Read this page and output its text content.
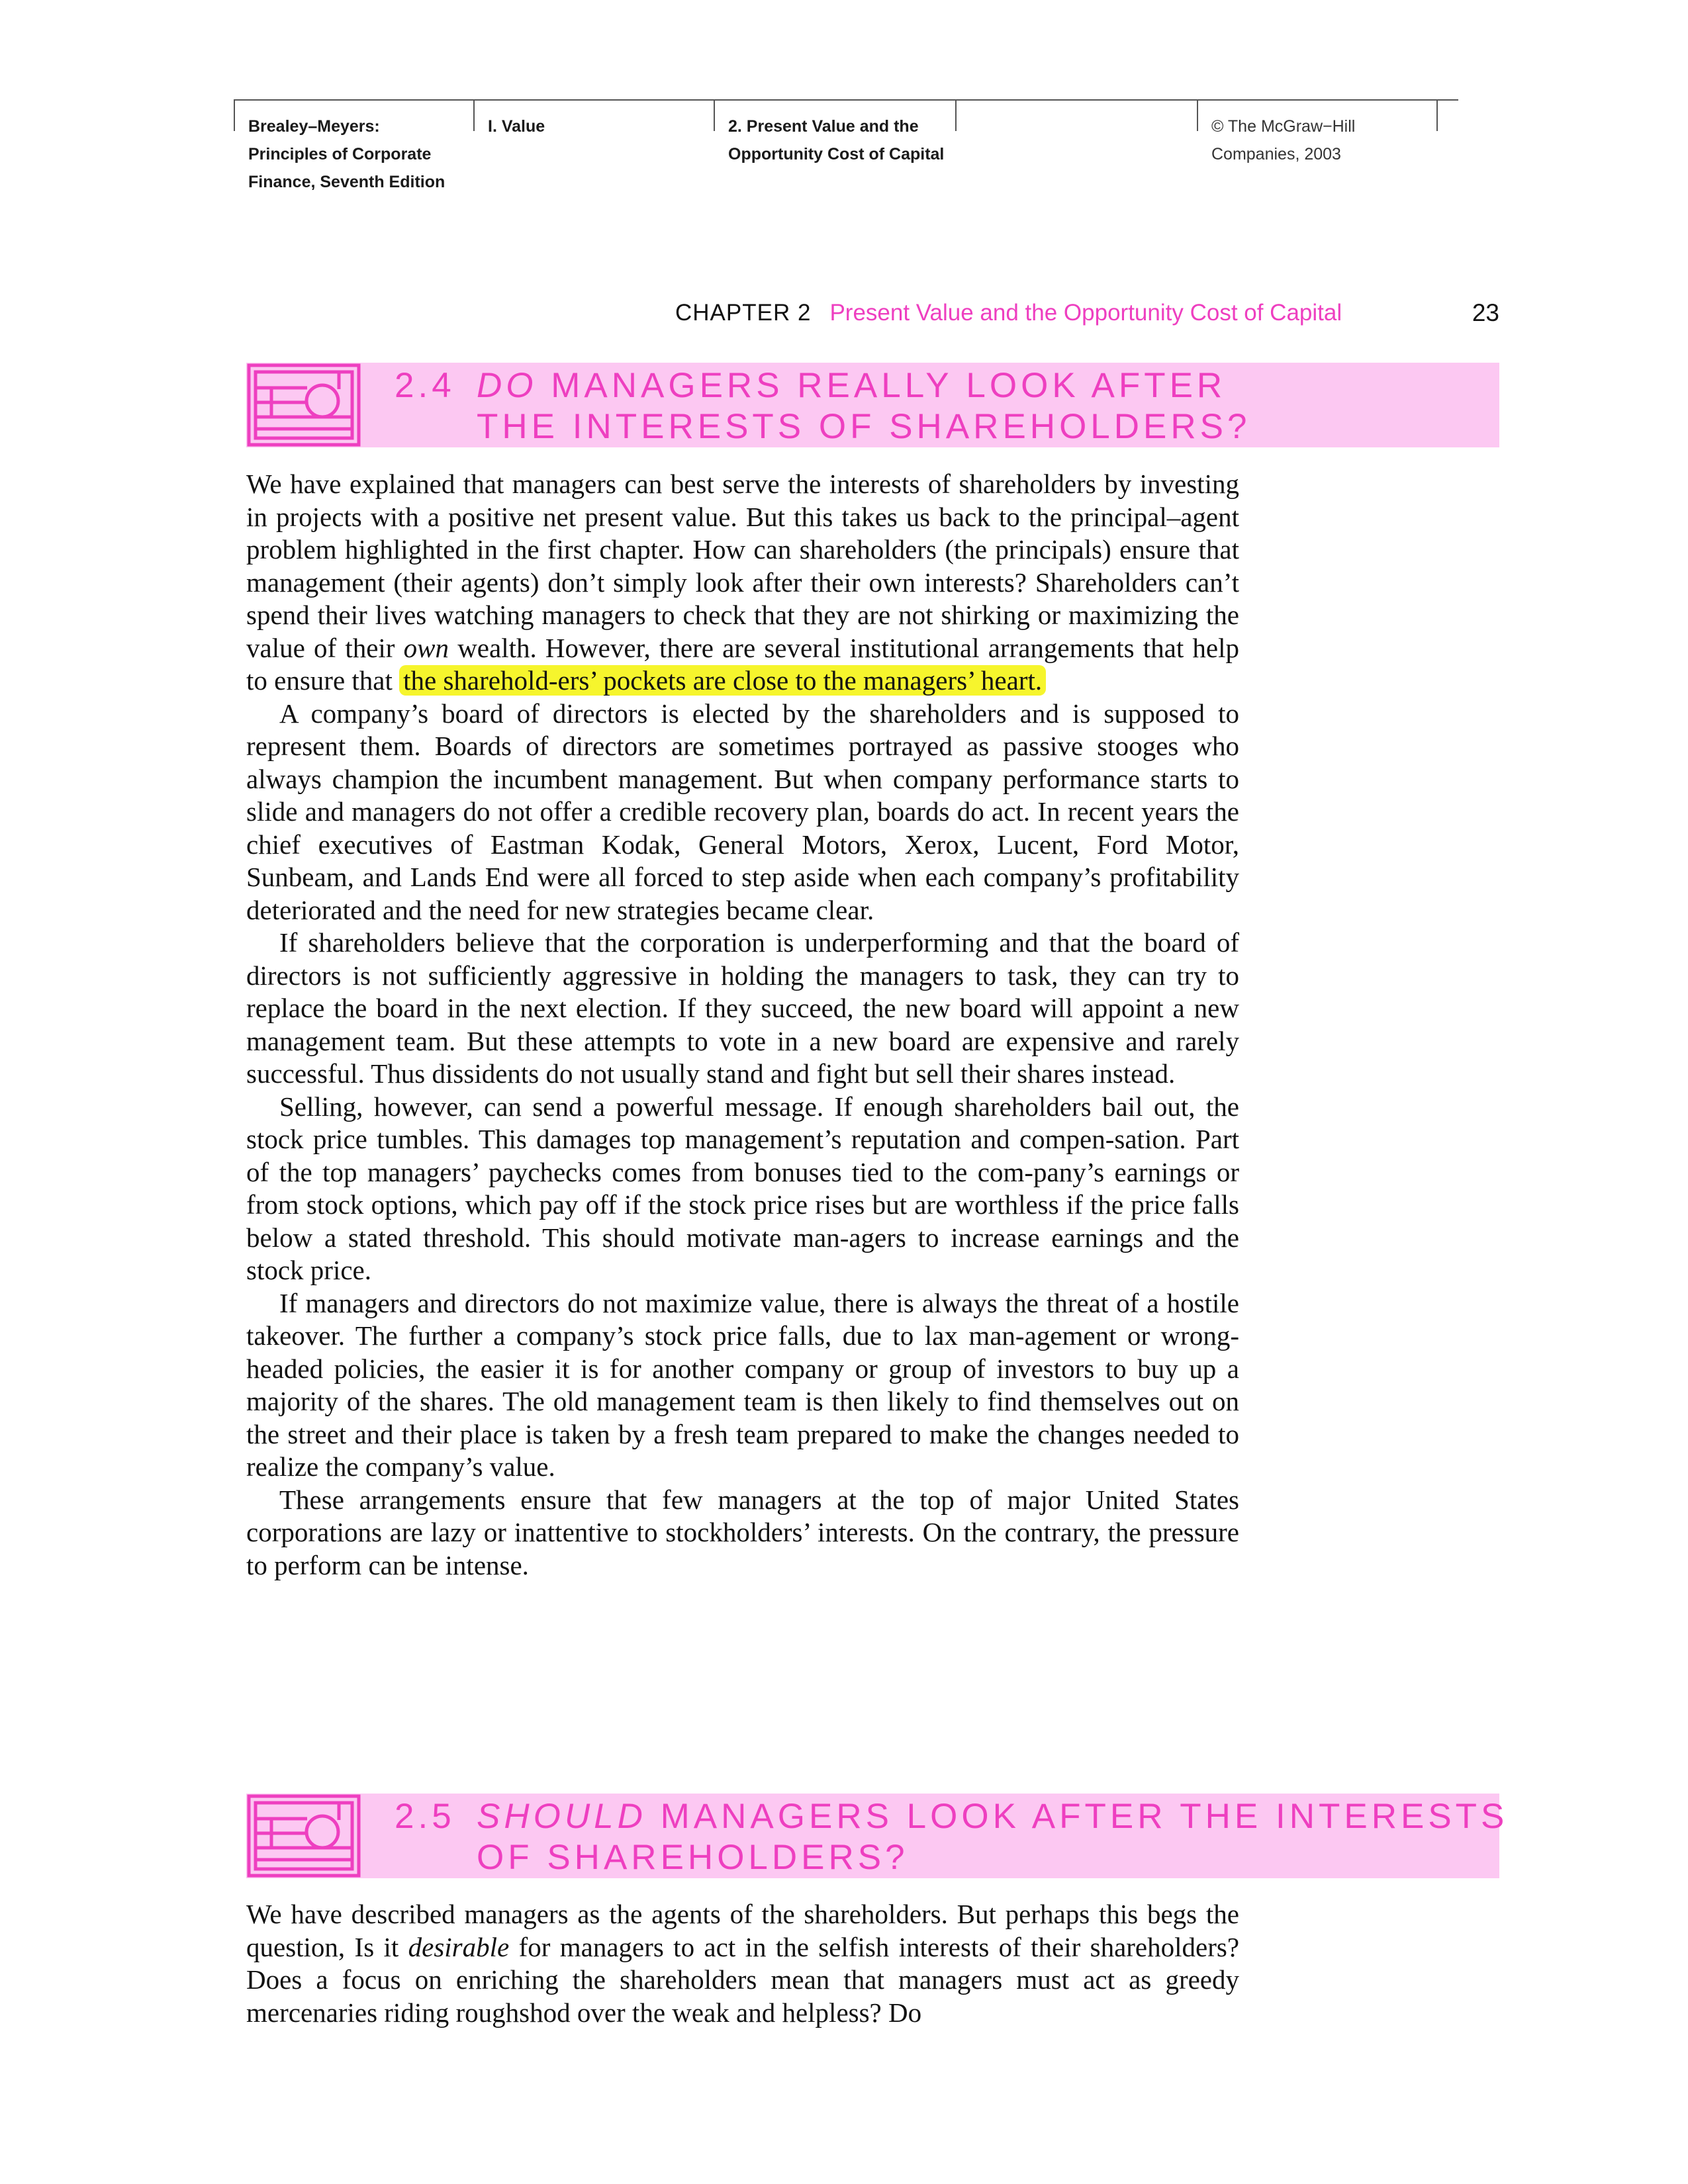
Brealey–Meyers:
Principles of Corporate
Finance, Seventh Edition
I. Value	2. Present Value and the
Opportunity Cost of Capital
© The McGraw−Hill
Companies, 2003
CHAPTER 2 Present Value and the Opportunity Cost of Capital	23
2.4 DO MANAGERS REALLY LOOK AFTER
THE INTERESTS OF SHAREHOLDERS?

We have explained that managers can best serve the interests of shareholders by investing in projects with a positive net present value. But this takes us back to the principal–agent problem highlighted in the first chapter. How can shareholders (the principals) ensure that management (their agents) don’t simply look after their own interests? Shareholders can’t spend their lives watching managers to check that they are not shirking or maximizing the value of their own wealth. However, there are several institutional arrangements that help to ensure that the sharehold-ers’ pockets are close to the managers’ heart.

A company’s board of directors is elected by the shareholders and is supposed to represent them. Boards of directors are sometimes portrayed as passive stooges who always champion the incumbent management. But when company performance starts to slide and managers do not offer a credible recovery plan, boards do act. In recent years the chief executives of Eastman Kodak, General Motors, Xerox, Lucent, Ford Motor, Sunbeam, and Lands End were all forced to step aside when each company’s profitability deteriorated and the need for new strategies became clear.

If shareholders believe that the corporation is underperforming and that the board of directors is not sufficiently aggressive in holding the managers to task, they can try to replace the board in the next election. If they succeed, the new board will appoint a new management team. But these attempts to vote in a new board are expensive and rarely successful. Thus dissidents do not usually stand and fight but sell their shares instead.

Selling, however, can send a powerful message. If enough shareholders bail out, the stock price tumbles. This damages top management’s reputation and compen-sation. Part of the top managers’ paychecks comes from bonuses tied to the com-pany’s earnings or from stock options, which pay off if the stock price rises but are worthless if the price falls below a stated threshold. This should motivate man-agers to increase earnings and the stock price.

If managers and directors do not maximize value, there is always the threat of a hostile takeover. The further a company’s stock price falls, due to lax man-agement or wrong-headed policies, the easier it is for another company or group of investors to buy up a majority of the shares. The old management team is then likely to find themselves out on the street and their place is taken by a fresh team prepared to make the changes needed to realize the company’s value.

These arrangements ensure that few managers at the top of major United States corporations are lazy or inattentive to stockholders’ interests. On the contrary, the pressure to perform can be intense.

2.5 SHOULD MANAGERS LOOK AFTER THE INTERESTS
OF SHAREHOLDERS?

We have described managers as the agents of the shareholders. But perhaps this begs the question, Is it desirable for managers to act in the selfish interests of their shareholders? Does a focus on enriching the shareholders mean that managers must act as greedy mercenaries riding roughshod over the weak and helpless? Do
